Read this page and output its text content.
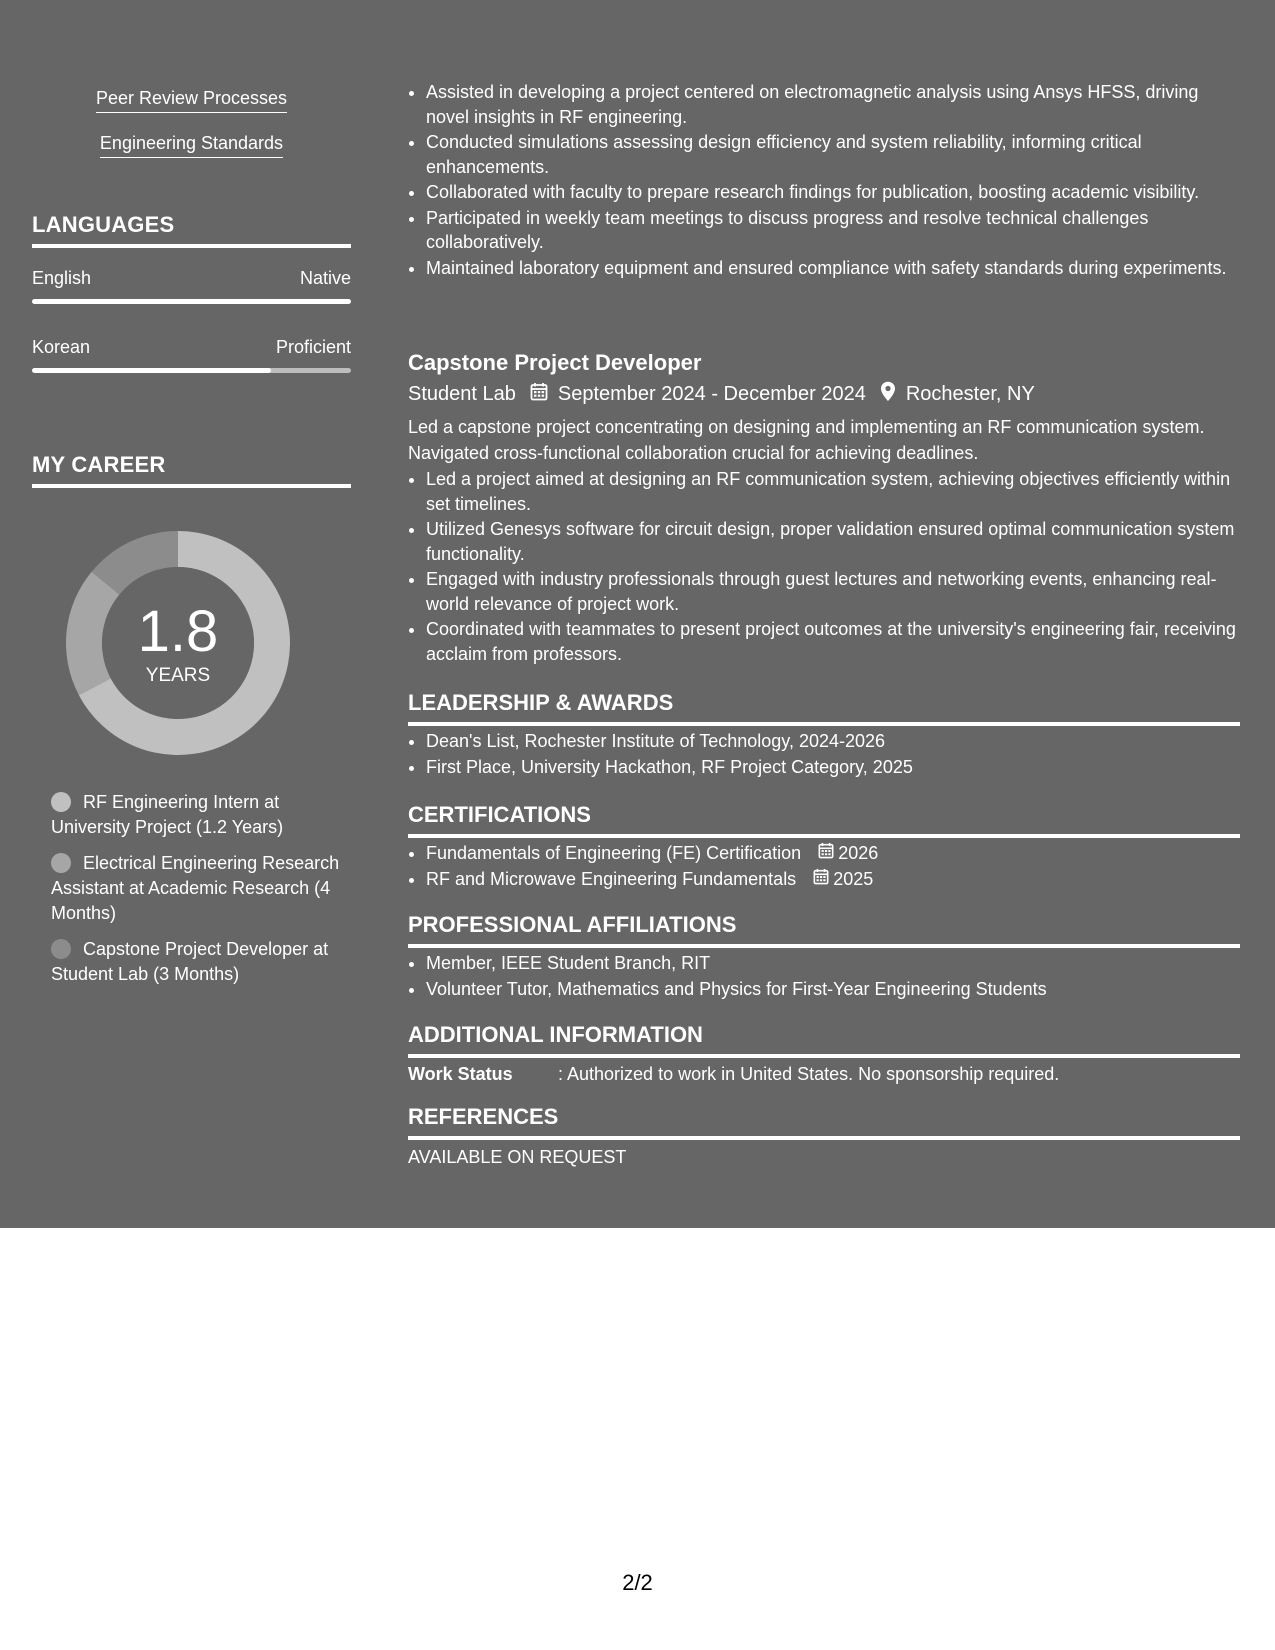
Peer Review Processes
Engineering Standards
LANGUAGES
English	Native
Korean	Proficient
MY CAREER
1.8
YEARS
RF Engineering Intern at University Project (1.2 Years)
Electrical Engineering Research Assistant at Academic Research (4 Months)
Capstone Project Developer at Student Lab (3 Months)
• Assisted in developing a project centered on electromagnetic analysis using Ansys HFSS, driving novel insights in RF engineering.
• Conducted simulations assessing design efficiency and system reliability, informing critical enhancements.
• Collaborated with faculty to prepare research findings for publication, boosting academic visibility.
• Participated in weekly team meetings to discuss progress and resolve technical challenges collaboratively.
• Maintained laboratory equipment and ensured compliance with safety standards during experiments.
Capstone Project Developer
Student Lab September 2024 - December 2024 Rochester, NY
Led a capstone project concentrating on designing and implementing an RF communication system. Navigated cross-functional collaboration crucial for achieving deadlines.
• Led a project aimed at designing an RF communication system, achieving objectives efficiently within set timelines.
• Utilized Genesys software for circuit design, proper validation ensured optimal communication system functionality.
• Engaged with industry professionals through guest lectures and networking events, enhancing real-world relevance of project work.
• Coordinated with teammates to present project outcomes at the university's engineering fair, receiving acclaim from professors.
LEADERSHIP & AWARDS
• Dean's List, Rochester Institute of Technology, 2024-2026
• First Place, University Hackathon, RF Project Category, 2025
CERTIFICATIONS
• Fundamentals of Engineering (FE) Certification 2026
• RF and Microwave Engineering Fundamentals 2025
PROFESSIONAL AFFILIATIONS
• Member, IEEE Student Branch, RIT
• Volunteer Tutor, Mathematics and Physics for First-Year Engineering Students
ADDITIONAL INFORMATION
Work Status	: Authorized to work in United States. No sponsorship required.
REFERENCES
AVAILABLE ON REQUEST
2/2
